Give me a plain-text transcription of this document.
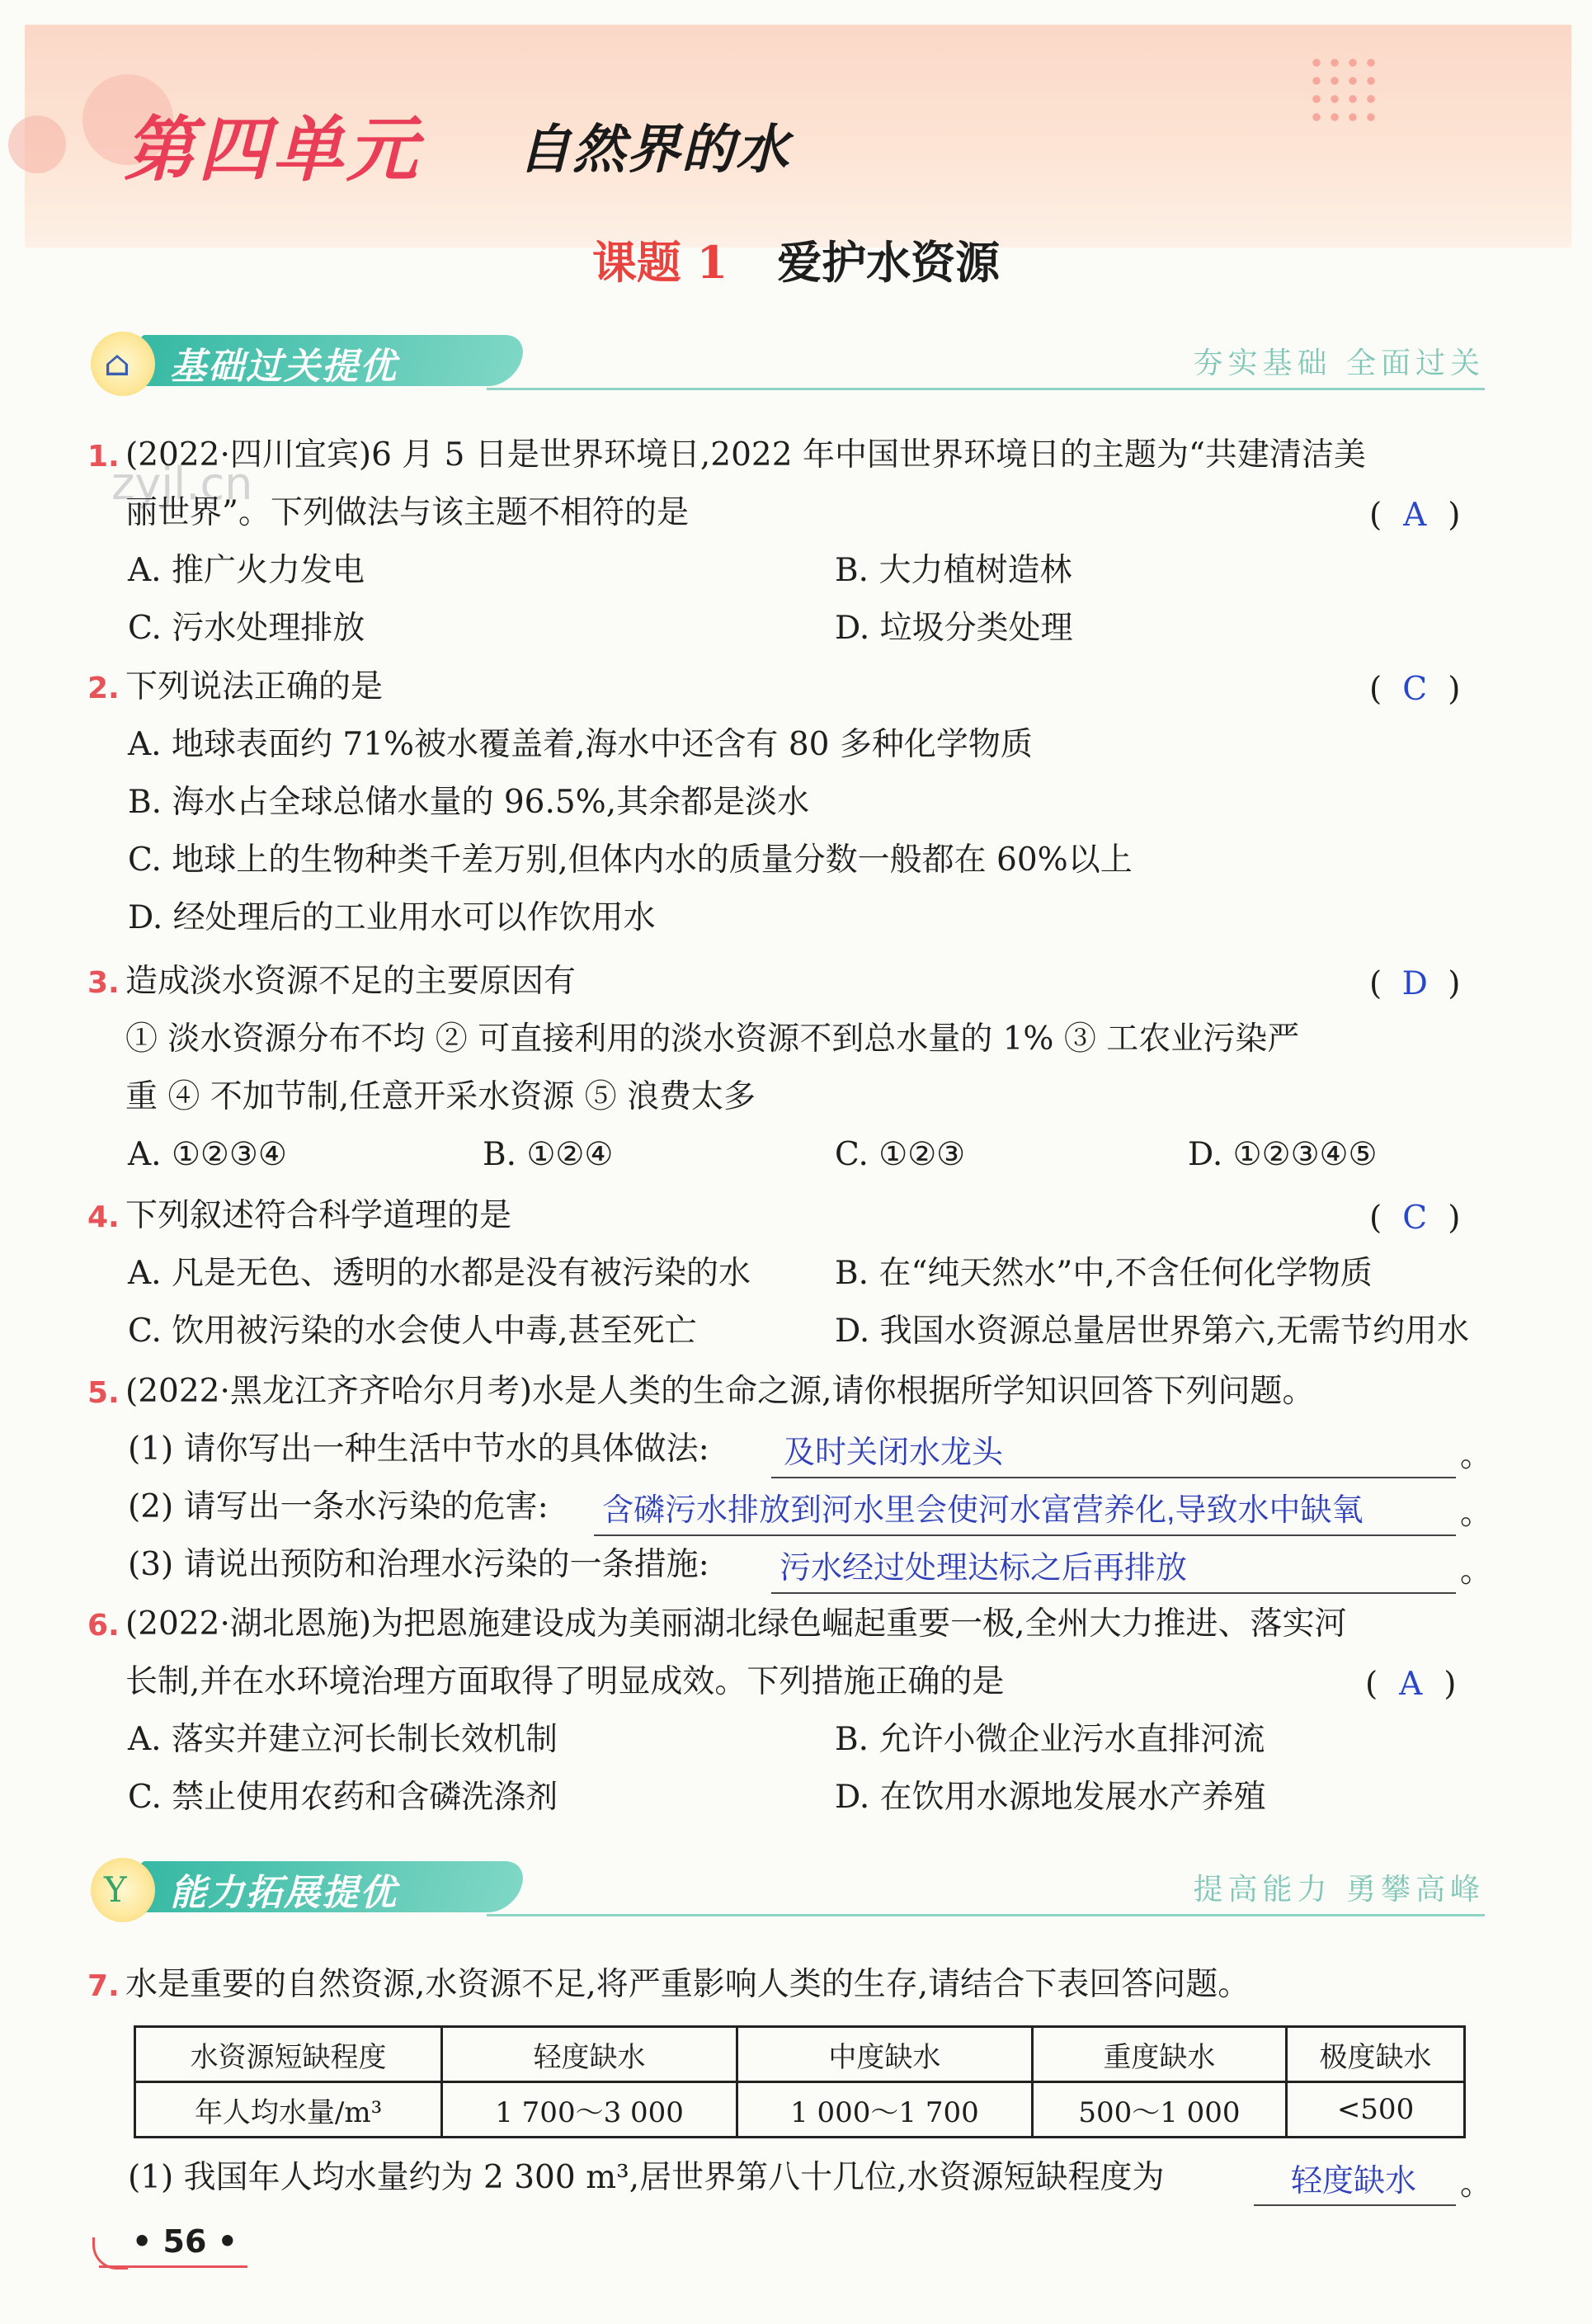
第四单元 自然界的水
课题 1 爱护水资源
⌂ 基础过关提优	夯实基础 全面过关
zyjl.cn
1. (2022·四川宜宾)6 月 5 日是世界环境日,2022 年中国世界环境日的主题为“共建清洁美
丽世界”。下列做法与该主题不相符的是	( A )
A. 推广火力发电	B. 大力植树造林
C. 污水处理排放	D. 垃圾分类处理
2. 下列说法正确的是	( C )
A. 地球表面约 71%被水覆盖着,海水中还含有 80 多种化学物质
B. 海水占全球总储水量的 96.5%,其余都是淡水
C. 地球上的生物种类千差万别,但体内水的质量分数一般都在 60%以上
D. 经处理后的工业用水可以作饮用水
3. 造成淡水资源不足的主要原因有	( D )
① 淡水资源分布不均 ② 可直接利用的淡水资源不到总水量的 1% ③ 工农业污染严
重 ④ 不加节制,任意开采水资源 ⑤ 浪费太多
A. ①②③④	B. ①②④	C. ①②③	D. ①②③④⑤
4. 下列叙述符合科学道理的是	( C )
A. 凡是无色、透明的水都是没有被污染的水	B. 在“纯天然水”中,不含任何化学物质
C. 饮用被污染的水会使人中毒,甚至死亡	D. 我国水资源总量居世界第六,无需节约用水
5. (2022·黑龙江齐齐哈尔月考)水是人类的生命之源,请你根据所学知识回答下列问题。
(1) 请你写出一种生活中节水的具体做法: 及时关闭水龙头	。
(2) 请写出一条水污染的危害: 含磷污水排放到河水里会使河水富营养化,导致水中缺氧	。
(3) 请说出预防和治理水污染的一条措施: 污水经过处理达标之后再排放	。
6. (2022·湖北恩施)为把恩施建设成为美丽湖北绿色崛起重要一极,全州大力推进、落实河
长制,并在水环境治理方面取得了明显成效。下列措施正确的是	( A )
A. 落实并建立河长制长效机制	B. 允许小微企业污水直排河流
C. 禁止使用农药和含磷洗涤剂	D. 在饮用水源地发展水产养殖
Y 能力拓展提优	提高能力 勇攀高峰
7. 水是重要的自然资源,水资源不足,将严重影响人类的生存,请结合下表回答问题。
水资源短缺程度	轻度缺水	中度缺水	重度缺水	极度缺水
年人均水量/m³	1 700～3 000	1 000～1 700	500～1 000	<500
(1) 我国年人均水量约为 2 300 m³,居世界第八十几位,水资源短缺程度为	轻度缺水 。
• 56 •
